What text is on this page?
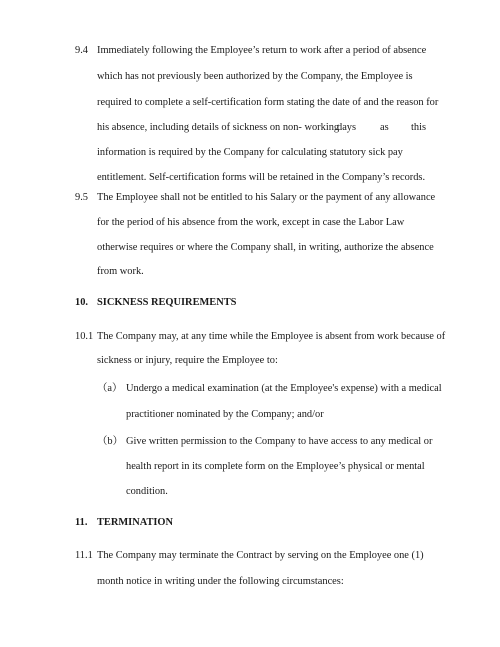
9.4 Immediately following the Employee’s return to work after a period of absence
which has not previously been authorized by the Company, the Employee is
required to complete a self-certification form stating the date of and the reason for
his absence, including details of sickness on non- working
days as this
information is required by the Company for calculating statutory sick pay
entitlement. Self-certification forms will be retained in the Company’s records.
9.5 The Employee shall not be entitled to his Salary or the payment of any allowance
for the period of his absence from the work, except in case the Labor Law
otherwise requires or where the Company shall, in writing, authorize the absence
from work.
10. SICKNESS REQUIREMENTS
10.1 The Company may, at any time while the Employee is absent from work because of
sickness or injury, require the Employee to:
（a） Undergo a medical examination (at the Employee's expense) with a medical
practitioner nominated by the Company; and/or
（b） Give written permission to the Company to have access to any medical or
health report in its complete form on the Employee’s physical or mental
condition.
11. TERMINATION
11.1 The Company may terminate the Contract by serving on the Employee one (1)
month notice in writing under the following circumstances:
